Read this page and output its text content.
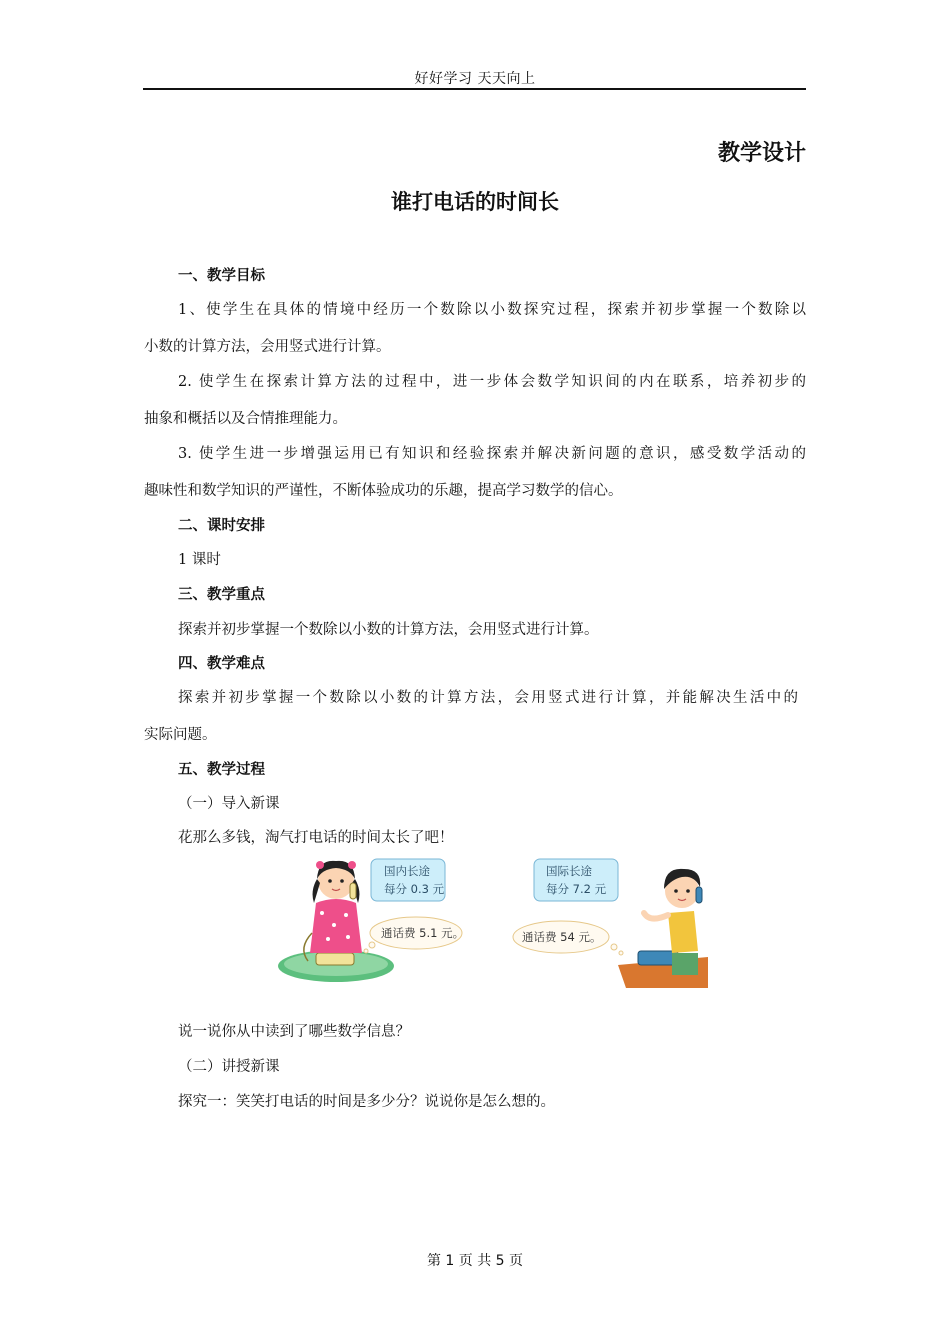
好好学习 天天向上
教学设计
谁打电话的时间长
一、教学目标
1、使学生在具体的情境中经历一个数除以小数探究过程，探索并初步掌握一个数除以
小数的计算方法，会用竖式进行计算。
2. 使学生在探索计算方法的过程中，进一步体会数学知识间的内在联系，培养初步的
抽象和概括以及合情推理能力。
3. 使学生进一步增强运用已有知识和经验探索并解决新问题的意识，感受数学活动的
趣味性和数学知识的严谨性，不断体验成功的乐趣，提高学习数学的信心。
二、课时安排
1 课时
三、教学重点
探索并初步掌握一个数除以小数的计算方法，会用竖式进行计算。
四、教学难点
探索并初步掌握一个数除以小数的计算方法，会用竖式进行计算，并能解决生活中的
实际问题。
五、教学过程
（一）导入新课
花那么多钱，淘气打电话的时间太长了吧！
国内长途
每分 0.3 元
通话费 5.1 元。
国际长途
每分 7.2 元
通话费 54 元。
说一说你从中读到了哪些数学信息？
（二）讲授新课
探究一：笑笑打电话的时间是多少分？说说你是怎么想的。
第 1 页 共 5 页
